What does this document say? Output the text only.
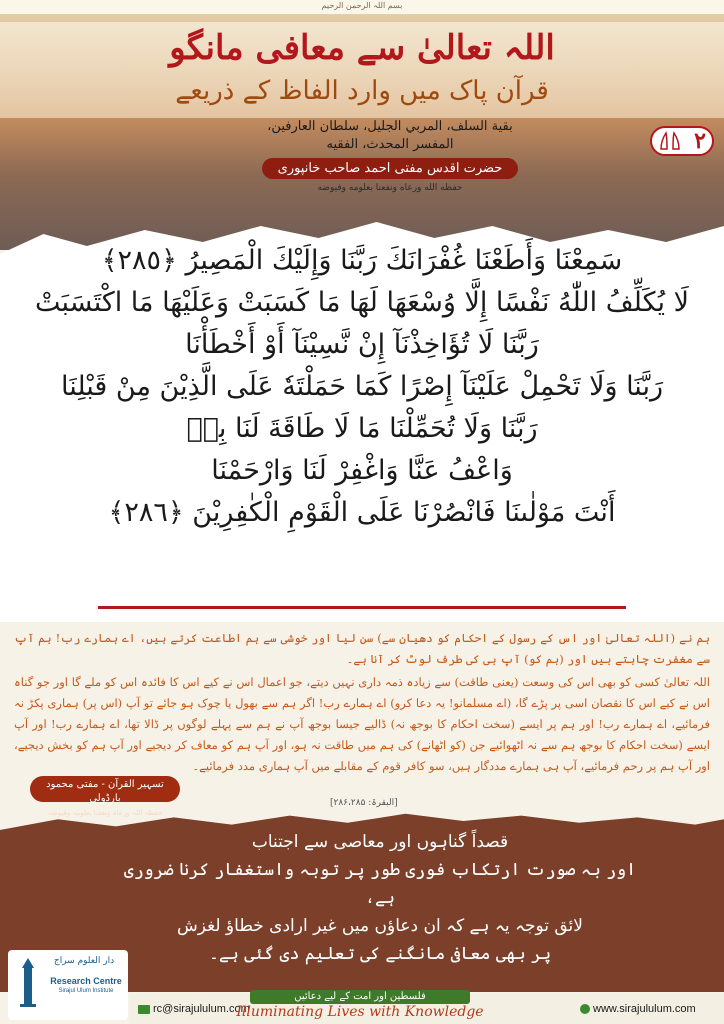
بسم اللہ الرحمن الرحیم
اللہ تعالیٰ سے معافی مانگو
قرآن پاک میں وارد الفاظ کے ذریعے
۲
بقية السلف، المربي الجليل، سلطان العارفين،
المفسر المحدث، الفقيه
حضرت اقدس مفتی احمد صاحب خانپوری
حفظه الله ورعاه ونفعنا بعلومه وفيوضه
سَمِعْنَا وَأَطَعْنَا غُفْرَانَكَ رَبَّنَا وَإِلَيْكَ الْمَصِيرُ ﴿٢٨٥﴾
لَا يُكَلِّفُ اللّٰهُ نَفْسًا إِلَّا وُسْعَهَا لَهَا مَا كَسَبَتْ وَعَلَيْهَا مَا اكْتَسَبَتْ
رَبَّنَا لَا تُؤَاخِذْنَآ إِنْ نَّسِيْنَآ أَوْ أَخْطَأْنَا
رَبَّنَا وَلَا تَحْمِلْ عَلَيْنَآ إِصْرًا كَمَا حَمَلْتَهٗ عَلَى الَّذِيْنَ مِنْ قَبْلِنَا
رَبَّنَا وَلَا تُحَمِّلْنَا مَا لَا طَاقَةَ لَنَا بِهٖ
وَاعْفُ عَنَّا وَاغْفِرْ لَنَا وَارْحَمْنَا
أَنْتَ مَوْلٰىنَا فَانْصُرْنَا عَلَى الْقَوْمِ الْكٰفِرِيْنَ ﴿٢٨٦﴾

ہم نے (اللہ تعالیٰ اور اس کے رسول کے احکام کو دھیان سے) سن لیا اور خوشی سے ہم اطاعت کرتے ہیں، اے ہمارے رب! ہم آپ سے مغفرت چاہتے ہیں اور (ہم کو) آپ ہی کی طرف لوٹ کر آنا ہے۔

اللہ تعالیٰ کسی کو بھی اس کی وسعت (یعنی طاقت) سے زیادہ ذمہ داری نہیں دیتے، جو اعمال اس نے کیے اس کا فائدہ اس کو ملے گا اور جو گناہ اس نے کیے اس کا نقصان اسی پر پڑے گا، (اے مسلمانو! یہ دعا کرو) اے ہمارے رب! اگر ہم سے بھول یا چوک ہو جائے تو آپ (اس پر) ہماری پکڑ نہ فرمائیے، اے ہمارے رب! اور ہم پر ایسے (سخت احکام کا بوجھ نہ) ڈالیے جیسا بوجھ آپ نے ہم سے پہلے لوگوں پر ڈالا تھا، اے ہمارے رب! اور آپ ایسے (سخت احکام کا بوجھ ہم سے نہ اٹھوائیے جن (کو اٹھانے) کی ہم میں طاقت نہ ہو، اور آپ ہم کو معاف کر دیجیے اور آپ ہم کو بخش دیجیے، اور آپ ہم پر رحم فرمائیے، آپ ہی ہمارے مددگار ہیں، سو کافر قوم کے مقابلے میں آپ ہماری مدد فرمائیے۔

[البقرۃ: ۲۸۶،۲۸۵]
تسہیر القرآن - مفتی محمود بارڈولی
حفظہ اللہ ورعاہ ونفعنا بعلومہ وفیوضہ

قصداً گناہوں اور معاصی سے اجتناب

اور بہ صورت ارتکاب فوری طور پر توبہ واستغفار کرنا ضروری ہے،

لائق توجہ یہ ہے کہ ان دعاؤں میں غیر ارادی خطاؤ لغزش

پر بھی معافی مانگنے کی تعلیم دی گئی ہے۔

دار العلوم سراج
Research Centre
Sirajul Ulum Institute
rc@sirajululum.com
فلسطین اور امت کے لیے دعائیں
Illuminating Lives with Knowledge	www.sirajululum.com
